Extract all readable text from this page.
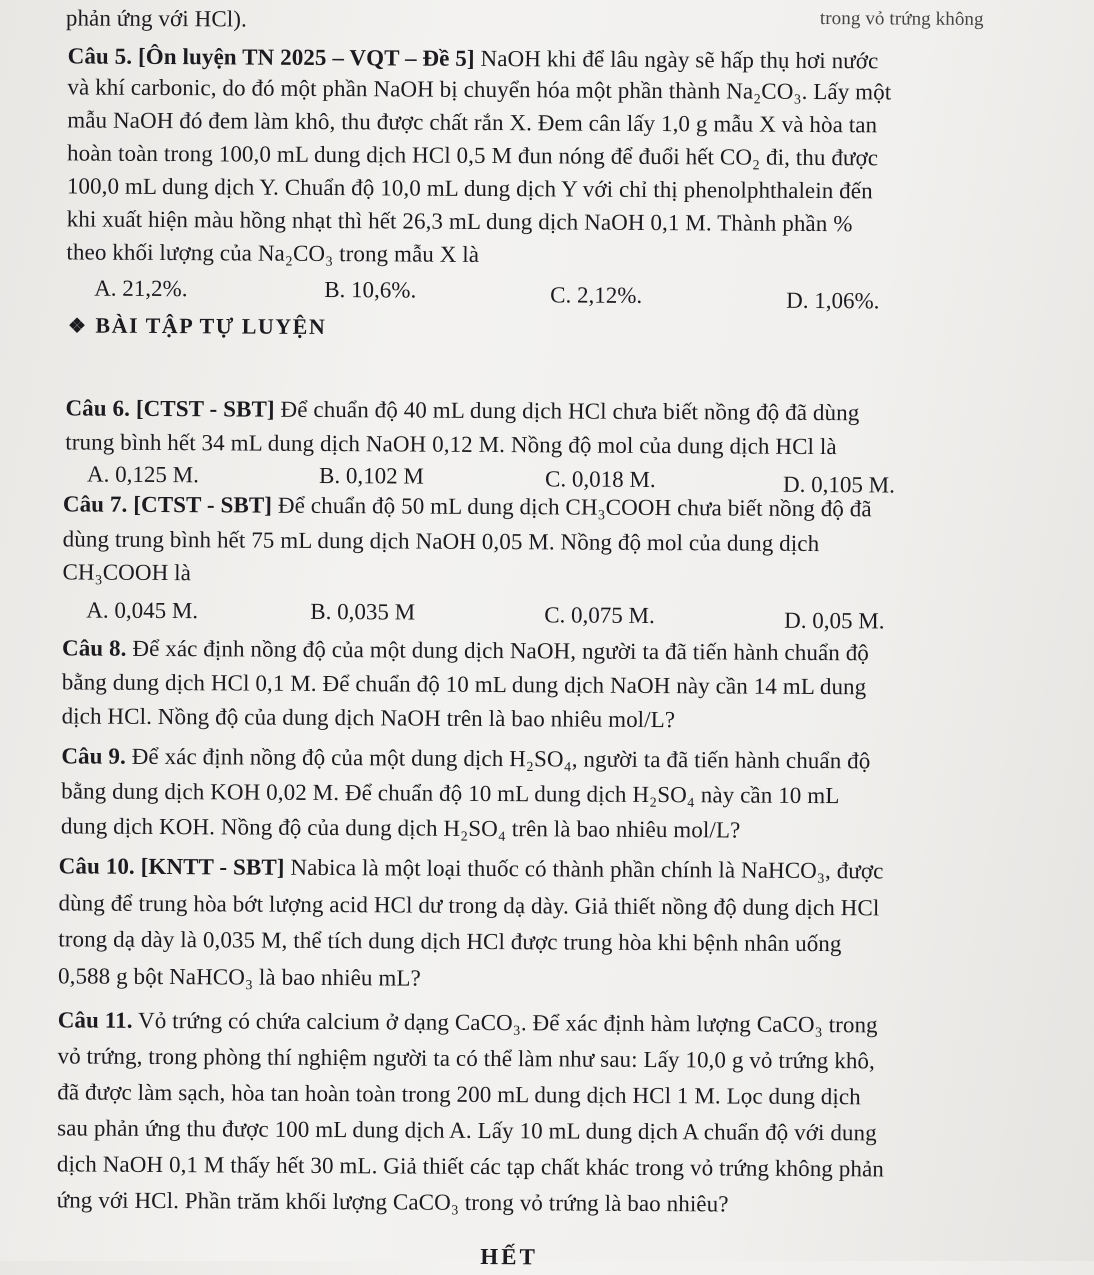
phản ứng với HCl).	trong vỏ trứng không
Câu 5. [Ôn luyện TN 2025 – VQT – Đề 5] NaOH khi để lâu ngày sẽ hấp thụ hơi nước
và khí carbonic, do đó một phần NaOH bị chuyển hóa một phần thành Na₂CO₃. Lấy một
mẫu NaOH đó đem làm khô, thu được chất rắn X. Đem cân lấy 1,0 g mẫu X và hòa tan
hoàn toàn trong 100,0 mL dung dịch HCl 0,5 M đun nóng để đuổi hết CO₂ đi, thu được
100,0 mL dung dịch Y. Chuẩn độ 10,0 mL dung dịch Y với chỉ thị phenolphthalein đến
khi xuất hiện màu hồng nhạt thì hết 26,3 mL dung dịch NaOH 0,1 M. Thành phần %
theo khối lượng của Na₂CO₃ trong mẫu X là
A. 21,2%.	B. 10,6%.	C. 2,12%.	D. 1,06%.
❖ BÀI TẬP TỰ LUYỆN
Câu 6. [CTST - SBT] Để chuẩn độ 40 mL dung dịch HCl chưa biết nồng độ đã dùng
trung bình hết 34 mL dung dịch NaOH 0,12 M. Nồng độ mol của dung dịch HCl là
A. 0,125 M.	B. 0,102 M	C. 0,018 M.	D. 0,105 M.
Câu 7. [CTST - SBT] Để chuẩn độ 50 mL dung dịch CH₃COOH chưa biết nồng độ đã
dùng trung bình hết 75 mL dung dịch NaOH 0,05 M. Nồng độ mol của dung dịch
CH₃COOH là
A. 0,045 M.	B. 0,035 M	C. 0,075 M.	D. 0,05 M.
Câu 8. Để xác định nồng độ của một dung dịch NaOH, người ta đã tiến hành chuẩn độ
bằng dung dịch HCl 0,1 M. Để chuẩn độ 10 mL dung dịch NaOH này cần 14 mL dung
dịch HCl. Nồng độ của dung dịch NaOH trên là bao nhiêu mol/L?
Câu 9. Để xác định nồng độ của một dung dịch H₂SO₄, người ta đã tiến hành chuẩn độ
bằng dung dịch KOH 0,02 M. Để chuẩn độ 10 mL dung dịch H₂SO₄ này cần 10 mL
dung dịch KOH. Nồng độ của dung dịch H₂SO₄ trên là bao nhiêu mol/L?
Câu 10. [KNTT - SBT] Nabica là một loại thuốc có thành phần chính là NaHCO₃, được
dùng để trung hòa bớt lượng acid HCl dư trong dạ dày. Giả thiết nồng độ dung dịch HCl
trong dạ dày là 0,035 M, thể tích dung dịch HCl được trung hòa khi bệnh nhân uống
0,588 g bột NaHCO₃ là bao nhiêu mL?
Câu 11. Vỏ trứng có chứa calcium ở dạng CaCO₃. Để xác định hàm lượng CaCO₃ trong
vỏ trứng, trong phòng thí nghiệm người ta có thể làm như sau: Lấy 10,0 g vỏ trứng khô,
đã được làm sạch, hòa tan hoàn toàn trong 200 mL dung dịch HCl 1 M. Lọc dung dịch
sau phản ứng thu được 100 mL dung dịch A. Lấy 10 mL dung dịch A chuẩn độ với dung
dịch NaOH 0,1 M thấy hết 30 mL. Giả thiết các tạp chất khác trong vỏ trứng không phản
ứng với HCl. Phần trăm khối lượng CaCO₃ trong vỏ trứng là bao nhiêu?
HẾT
